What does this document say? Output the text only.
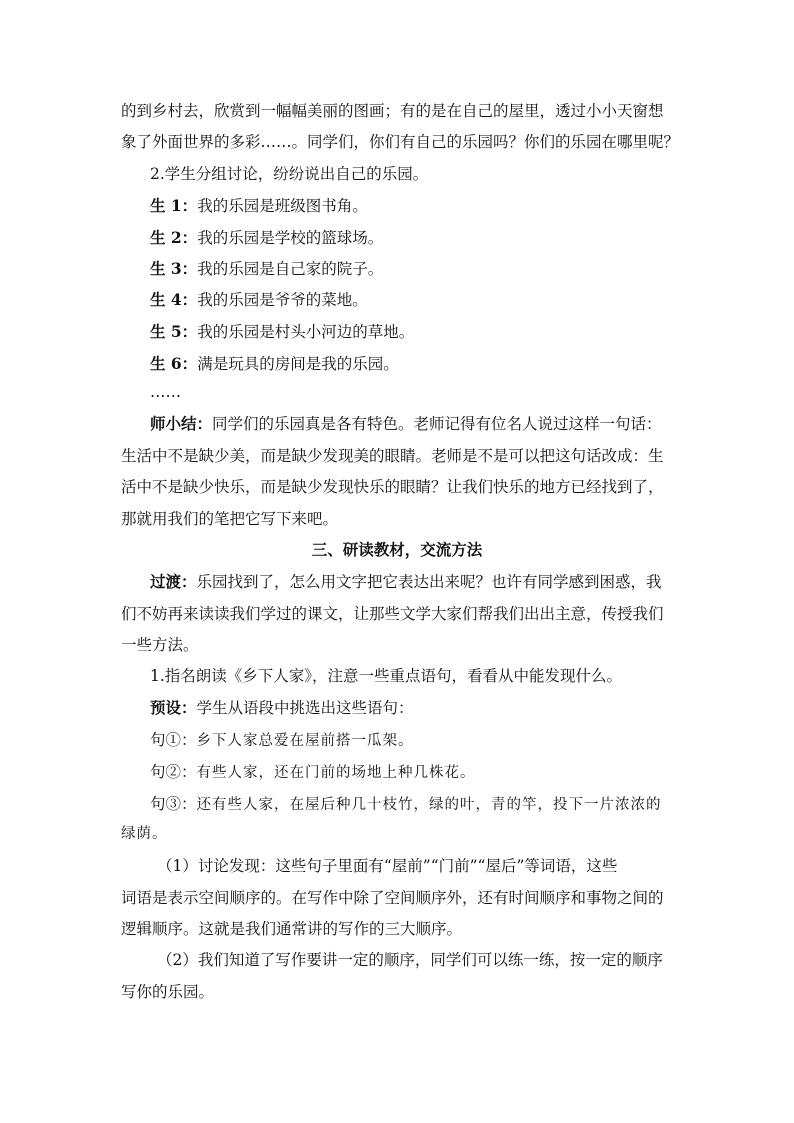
的到乡村去，欣赏到一幅幅美丽的图画；有的是在自己的屋里，透过小小天窗想
象了外面世界的多彩……。同学们，你们有自己的乐园吗？你们的乐园在哪里呢？
2.学生分组讨论，纷纷说出自己的乐园。
生 1：我的乐园是班级图书角。
生 2：我的乐园是学校的篮球场。
生 3：我的乐园是自己家的院子。
生 4：我的乐园是爷爷的菜地。
生 5：我的乐园是村头小河边的草地。
生 6：满是玩具的房间是我的乐园。
……
师小结：同学们的乐园真是各有特色。老师记得有位名人说过这样一句话：
生活中不是缺少美，而是缺少发现美的眼睛。老师是不是可以把这句话改成：生
活中不是缺少快乐，而是缺少发现快乐的眼睛？让我们快乐的地方已经找到了，
那就用我们的笔把它写下来吧。
三、研读教材，交流方法
过渡：乐园找到了，怎么用文字把它表达出来呢？也许有同学感到困惑，我
们不妨再来读读我们学过的课文，让那些文学大家们帮我们出出主意，传授我们
一些方法。
1.指名朗读《乡下人家》，注意一些重点语句，看看从中能发现什么。
预设：学生从语段中挑选出这些语句：
句①：乡下人家总爱在屋前搭一瓜架。
句②：有些人家，还在门前的场地上种几株花。
句③：还有些人家，在屋后种几十枝竹，绿的叶，青的竿，投下一片浓浓的
绿荫。
（1）讨论发现：这些句子里面有“屋前”“门前”“屋后”等词语，这些
词语是表示空间顺序的。在写作中除了空间顺序外，还有时间顺序和事物之间的
逻辑顺序。这就是我们通常讲的写作的三大顺序。
（2）我们知道了写作要讲一定的顺序，同学们可以练一练，按一定的顺序
写你的乐园。
